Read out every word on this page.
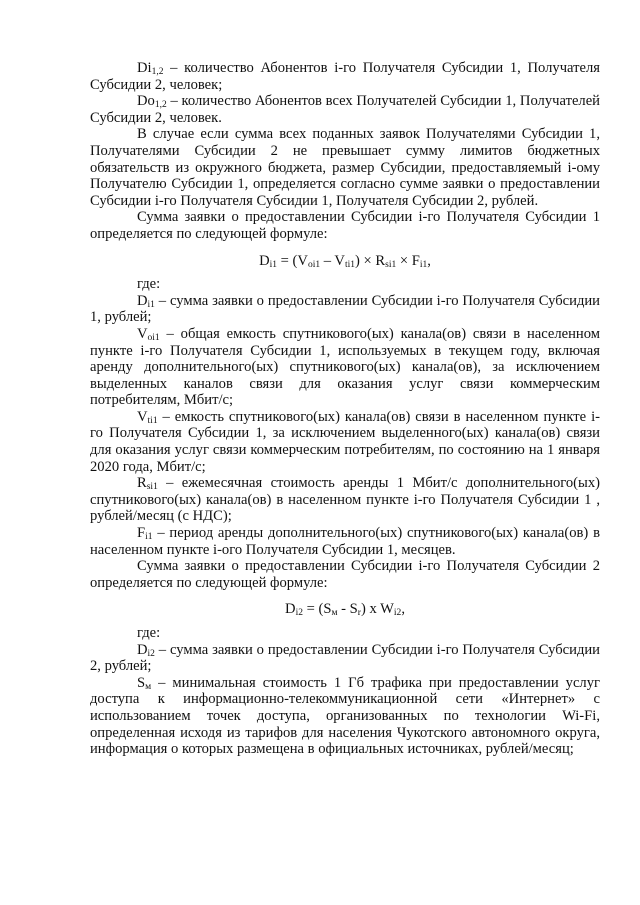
$Di_{1,2}$ – количество Абонентов i-го Получателя Субсидии 1, Получателя Субсидии 2, человек;

$Do_{1,2}$ – количество Абонентов всех Получателей Субсидии 1, Получателей Субсидии 2, человек.

В случае если сумма всех поданных заявок Получателями Субсидии 1, Получателями Субсидии 2 не превышает сумму лимитов бюджетных обязательств из окружного бюджета, размер Субсидии, предоставляемый i-ому Получателю Субсидии 1, определяется согласно сумме заявки о предоставлении Субсидии i-го Получателя Субсидии 1, Получателя Субсидии 2, рублей.

Сумма заявки о предоставлении Субсидии i-го Получателя Субсидии 1 определяется по следующей формуле:

$D_{i1} = (V_{oi1} - V_{ti1}) \times R_{si1} \times F_{i1}$,

где:

$D_{i1}$ – сумма заявки о предоставлении Субсидии i-го Получателя Субсидии 1, рублей;

$V_{oi1}$ – общая емкость спутникового(ых) канала(ов) связи в населенном пункте i-го Получателя Субсидии 1, используемых в текущем году, включая аренду дополнительного(ых) спутникового(ых) канала(ов), за исключением выделенных каналов связи для оказания услуг связи коммерческим потребителям, Мбит/с;

$V_{ti1}$ – емкость спутникового(ых) канала(ов) связи в населенном пункте i-го Получателя Субсидии 1, за исключением выделенного(ых) канала(ов) связи для оказания услуг связи коммерческим потребителям, по состоянию на 1 января 2020 года, Мбит/с;

$R_{si1}$ – ежемесячная стоимость аренды 1 Мбит/с дополнительного(ых) спутникового(ых) канала(ов) в населенном пункте i-го Получателя Субсидии 1 , рублей/месяц (с НДС);

$F_{i1}$ – период аренды дополнительного(ых) спутникового(ых) канала(ов) в населенном пункте i-ого Получателя Субсидии 1, месяцев.

Сумма заявки о предоставлении Субсидии i-го Получателя Субсидии 2 определяется по следующей формуле:

$D_{i2} = (S_м - S_r)$ x $W_{i2}$,

где:

$D_{i2}$ – сумма заявки о предоставлении Субсидии i-го Получателя Субсидии 2, рублей;

$S_м$ – минимальная стоимость 1 Гб трафика при предоставлении услуг доступа к информационно-телекоммуникационной сети «Интернет» с использованием точек доступа, организованных по технологии Wi-Fi, определенная исходя из тарифов для населения Чукотского автономного округа, информация о которых размещена в официальных источниках, рублей/месяц;
